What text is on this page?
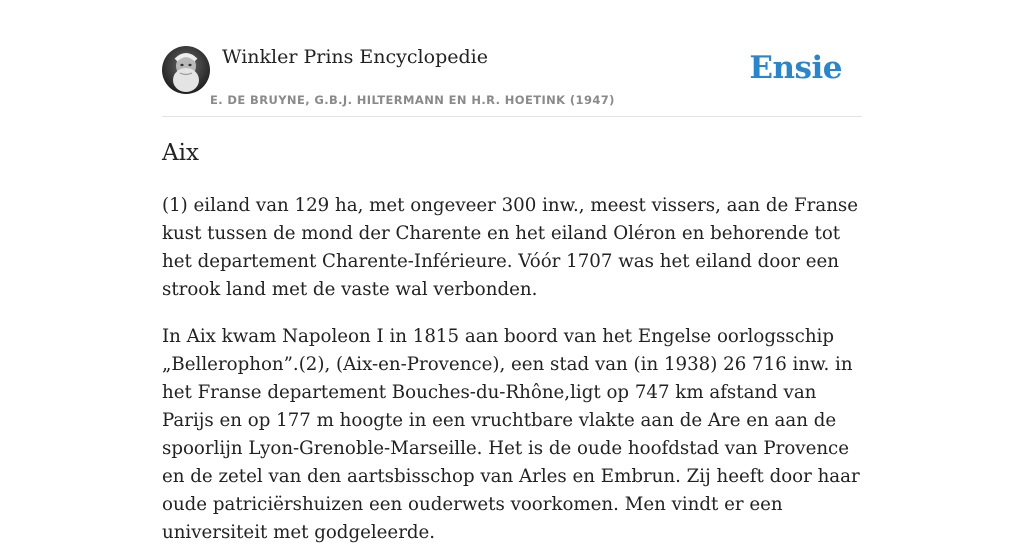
Winkler Prins Encyclopedie
E. DE BRUYNE, G.B.J. HILTERMANN EN H.R. HOETINK (1947)
Ensie
Aix

(1) eiland van 129 ha, met ongeveer 300 inw., meest vissers, aan de Franse kust tussen de mond der Charente en het eiland Oléron en behorende tot het departement Charente-Inférieure. Vóór 1707 was het eiland door een strook land met de vaste wal verbonden.

In Aix kwam Napoleon I in 1815 aan boord van het Engelse oorlogsschip „Bellerophon”.(2), (Aix-en-Provence), een stad van (in 1938) 26 716 inw. in het Franse departement Bouches-du-Rhône,ligt op 747 km afstand van Parijs en op 177 m hoogte in een vruchtbare vlakte aan de Are en aan de spoorlijn Lyon-Grenoble-Marseille. Het is de oude hoofdstad van Provence en de zetel van den aartsbisschop van Arles en Embrun. Zij heeft door haar oude patriciërshuizen een ouderwets voorkomen. Men vindt er een universiteit met godgeleerde.
